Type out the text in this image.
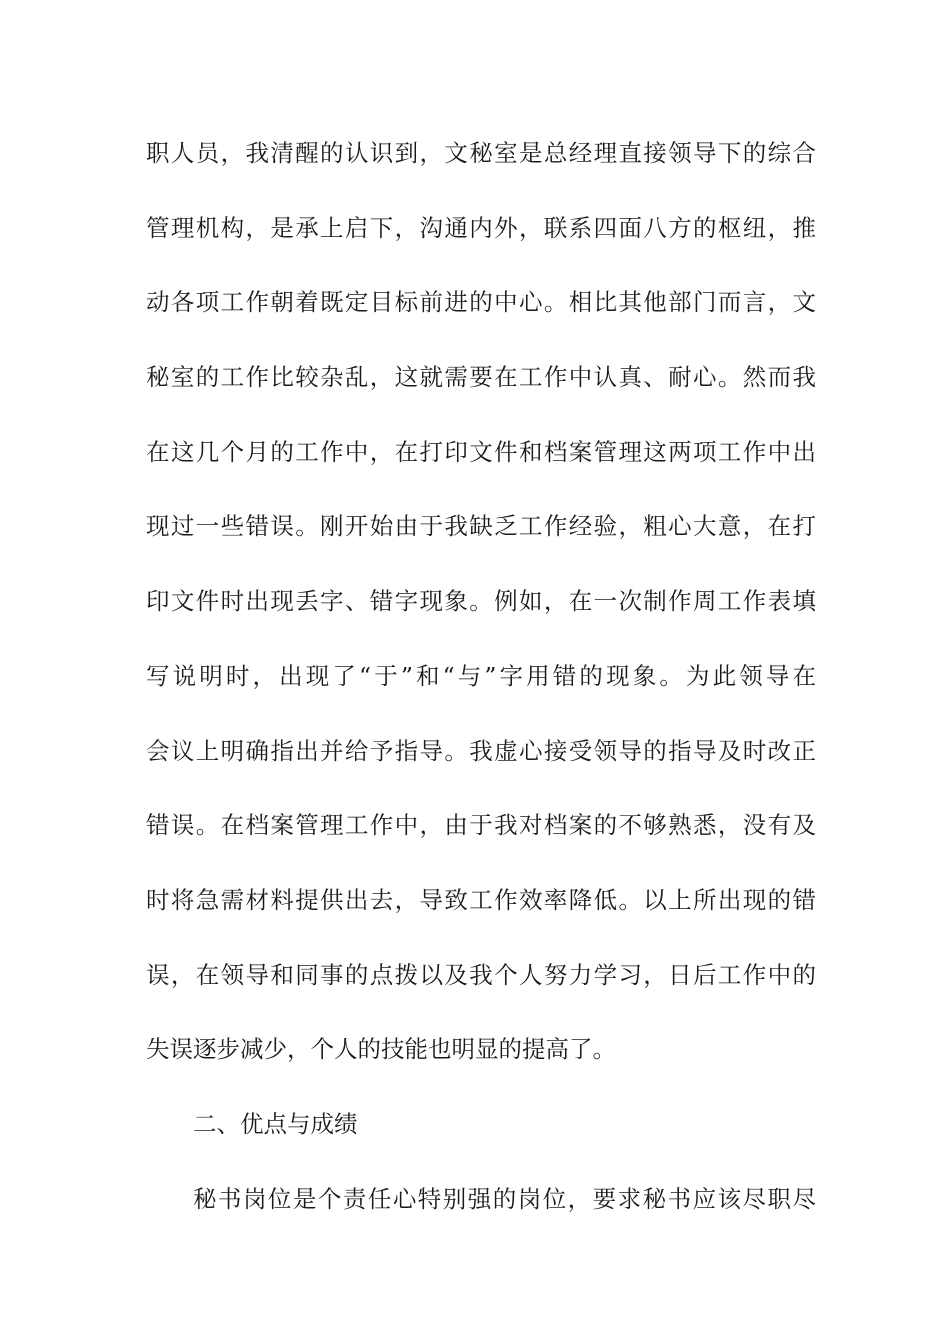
职人员，我清醒的认识到，文秘室是总经理直接领导下的综合
管理机构，是承上启下，沟通内外，联系四面八方的枢纽，推
动各项工作朝着既定目标前进的中心。相比其他部门而言，文
秘室的工作比较杂乱，这就需要在工作中认真、耐心。然而我
在这几个月的工作中，在打印文件和档案管理这两项工作中出
现过一些错误。刚开始由于我缺乏工作经验，粗心大意，在打
印文件时出现丢字、错字现象。例如，在一次制作周工作表填
写说明时，出现了“于”和“与”字用错的现象。为此领导在
会议上明确指出并给予指导。我虚心接受领导的指导及时改正
错误。在档案管理工作中，由于我对档案的不够熟悉，没有及
时将急需材料提供出去，导致工作效率降低。以上所出现的错
误，在领导和同事的点拨以及我个人努力学习，日后工作中的
失误逐步减少，个人的技能也明显的提高了。
二、优点与成绩
秘书岗位是个责任心特别强的岗位，要求秘书应该尽职尽
